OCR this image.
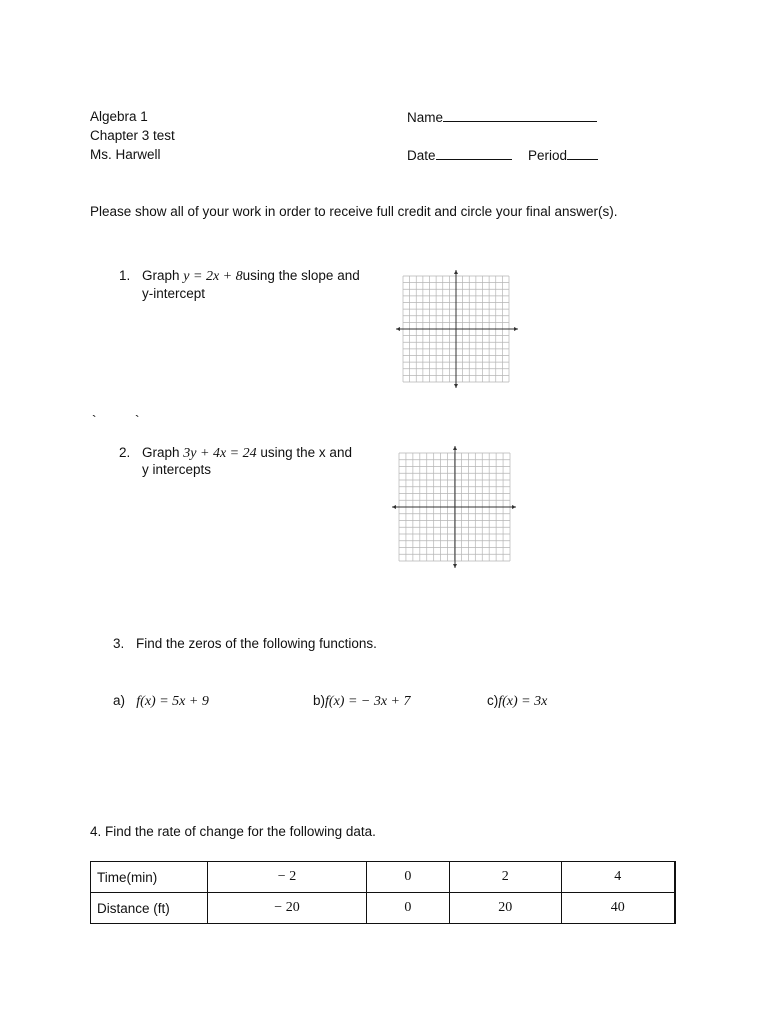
Algebra 1
Chapter 3 test
Ms. Harwell
Name
Date	Period
Please show all of your work in order to receive full credit and circle your final answer(s).
1. Graph y = 2x + 8using the slope and
y-intercept
`	`
2. Graph 3y + 4x = 24 using the x and
y intercepts
3. Find the zeros of the following functions.
a) f(x) = 5x + 9	b)f(x) = − 3x + 7	c)f(x) = 3x
4. Find the rate of change for the following data.
Time(min)	− 2	0	2	4
Distance (ft)	− 20	0	20	40
